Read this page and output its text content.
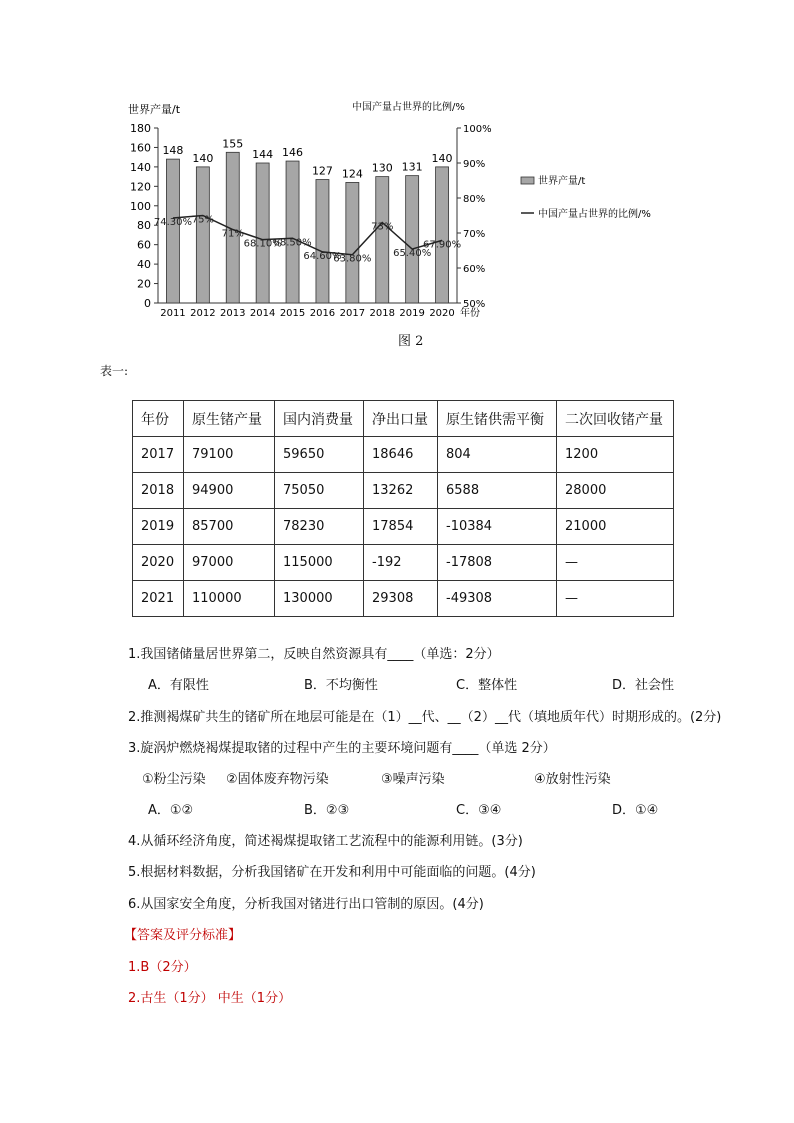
世界产量/t	中国产量占世界的比例/%
0
20
40
60
80
100
120
140
160
180
50%
60%
70%
80%
90%
100%
148
2011
140
2012
155
2013
144
2014
146
2015
127
2016
124
2017
130
2018
131
2019
140
2020 年份
74.30% 75%
71%
68.10%
68.50%
64.60%
63.80%
73%
65.40%
67.90%
世界产量/t
中国产量占世界的比例/%
图 2
表一:
年份	原生锗产量	国内消费量	净出口量	原生锗供需平衡	二次回收锗产量
2017	79100	59650	18646	804	1200
2018	94900	75050	13262	6588	28000
2019	85700	78230	17854	-10384	21000
2020	97000	115000	-192	-17808	—
2021	110000	130000	29308	-49308	—
1.我国锗储量居世界第二，反映自然资源具有____（单选：2分）
A．有限性	B．不均衡性	C．整体性	D．社会性
2.推测褐煤矿共生的锗矿所在地层可能是在（1）__代、__（2）__代（填地质年代）时期形成的。(2分)
3.旋涡炉燃烧褐煤提取锗的过程中产生的主要环境问题有____（单选 2分）
①粉尘污染 ②固体废弃物污染	③噪声污染	④放射性污染
A．①②	B．②③	C．③④	D．①④
4.从循环经济角度，简述褐煤提取锗工艺流程中的能源利用链。(3分)
5.根据材料数据，分析我国锗矿在开发和利用中可能面临的问题。(4分)
6.从国家安全角度，分析我国对锗进行出口管制的原因。(4分)
【答案及评分标准】
1.B（2分）
2.古生（1分） 中生（1分）
